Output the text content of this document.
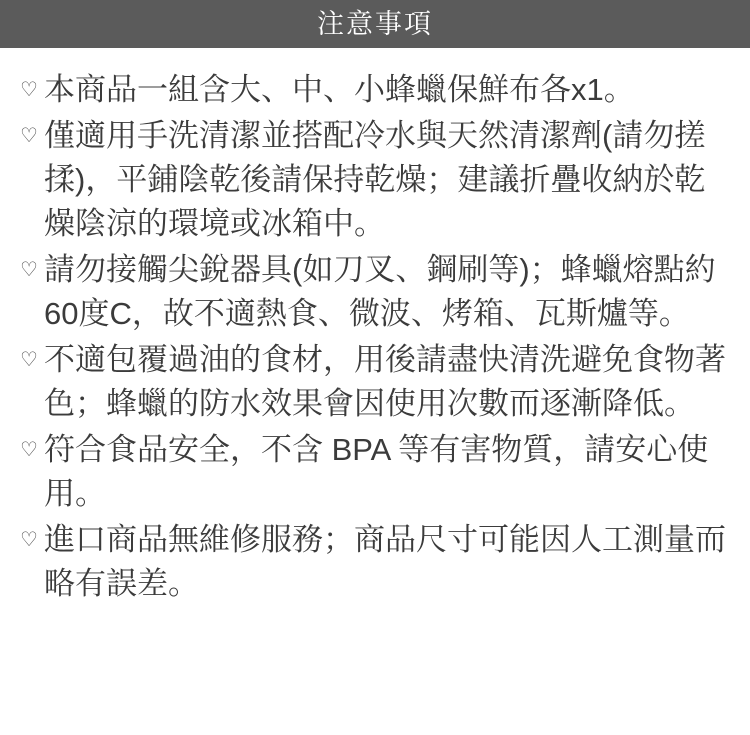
注意事項
♡ 本商品一組含大、中、小蜂蠟保鮮布各x1。
♡ 僅適用手洗清潔並搭配冷水與天然清潔劑(請勿搓揉)，平鋪陰乾後請保持乾燥；建議折疊收納於乾燥陰涼的環境或冰箱中。
♡ 請勿接觸尖銳器具(如刀叉、鋼刷等)；蜂蠟熔點約60度C，故不適熱食、微波、烤箱、瓦斯爐等。
♡ 不適包覆過油的食材，用後請盡快清洗避免食物著色；蜂蠟的防水效果會因使用次數而逐漸降低。
♡ 符合食品安全，不含 BPA 等有害物質，請安心使用。
♡ 進口商品無維修服務；商品尺寸可能因人工測量而略有誤差。
